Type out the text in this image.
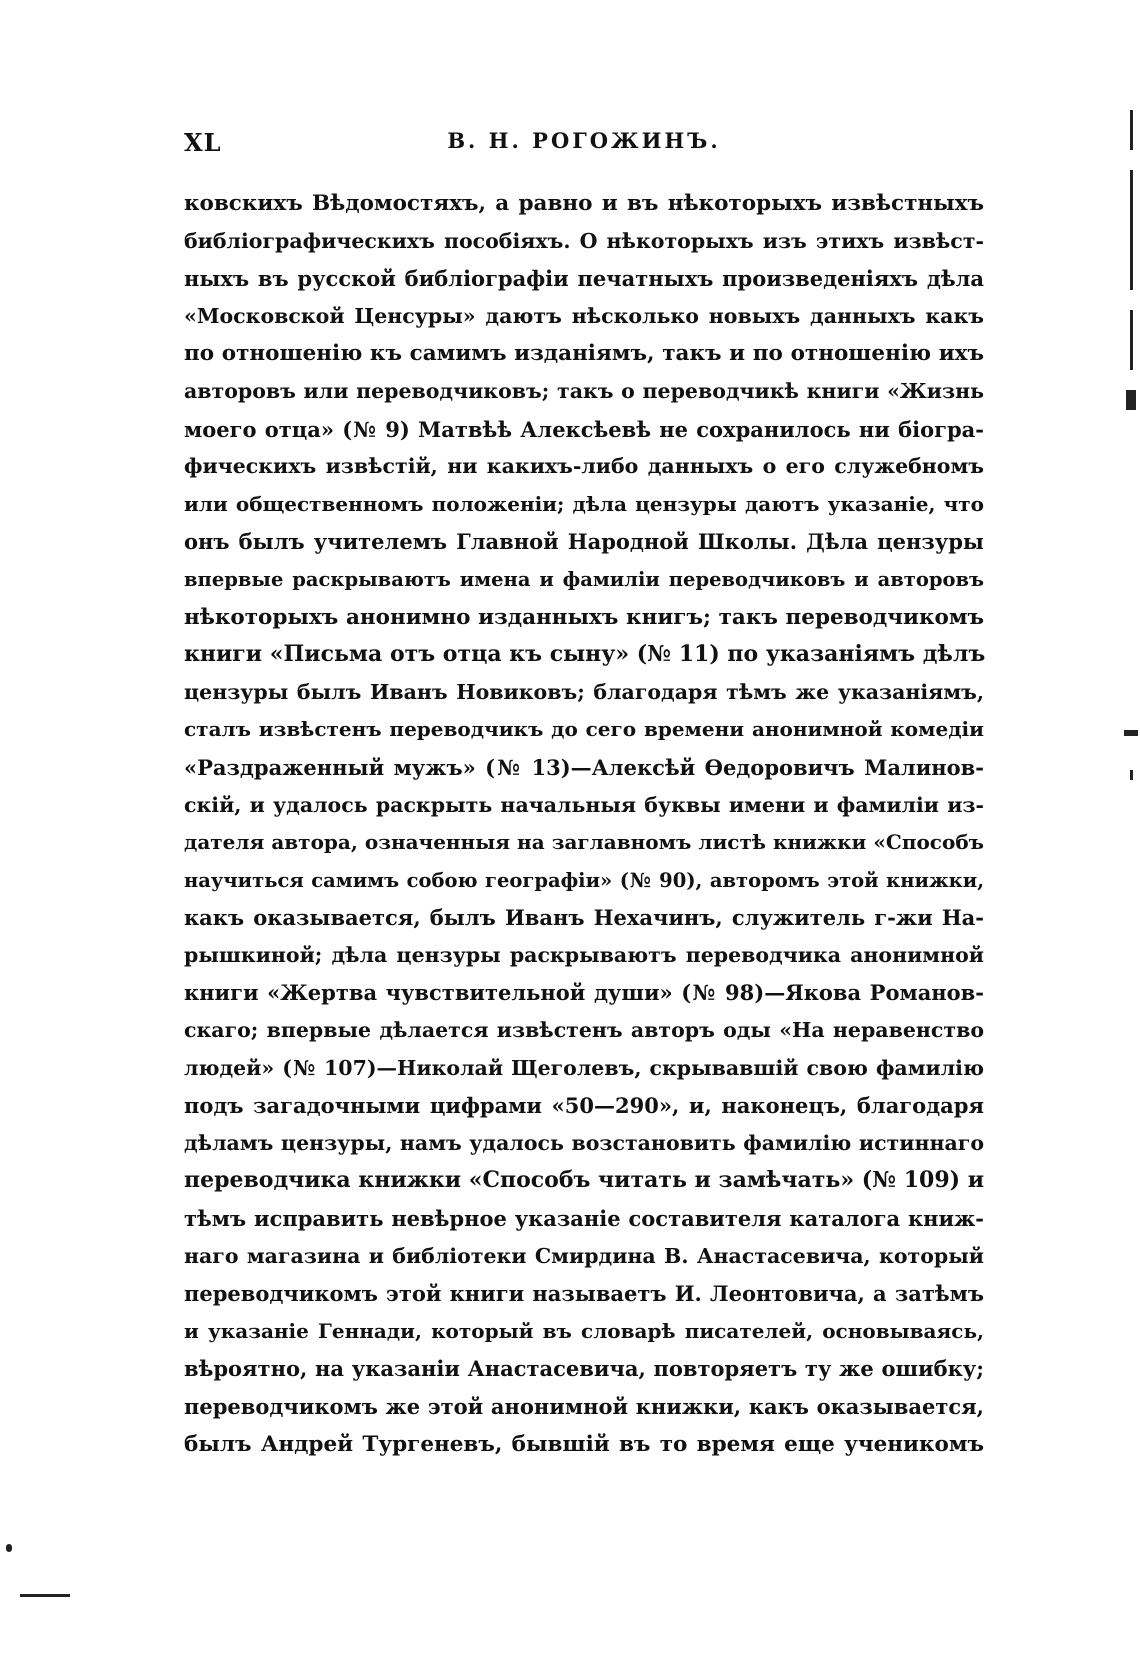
XL	В. Н. РОГОЖИНЪ.
ковскихъ Вѣдомостяхъ, а равно и въ нѣкоторыхъ извѣстныхъ
библіографическихъ пособіяхъ. О нѣкоторыхъ изъ этихъ извѣст-
ныхъ въ русской библіографіи печатныхъ произведеніяхъ дѣла
«Московской Ценсуры» даютъ нѣсколько новыхъ данныхъ какъ
по отношенію къ самимъ изданіямъ, такъ и по отношенію ихъ
авторовъ или переводчиковъ; такъ о переводчикѣ книги «Жизнь
моего отца» (№ 9) Матвѣѣ Алексѣевѣ не сохранилось ни біогра-
фическихъ извѣстій, ни какихъ-либо данныхъ о его служебномъ
или общественномъ положеніи; дѣла цензуры даютъ указаніе, что
онъ былъ учителемъ Главной Народной Школы. Дѣла цензуры
впервые раскрываютъ имена и фамиліи переводчиковъ и авторовъ
нѣкоторыхъ анонимно изданныхъ книгъ; такъ переводчикомъ
книги «Письма отъ отца къ сыну» (№ 11) по указаніямъ дѣлъ
цензуры былъ Иванъ Новиковъ; благодаря тѣмъ же указаніямъ,
сталъ извѣстенъ переводчикъ до сего времени анонимной комедіи
«Раздраженный мужъ» (№ 13)—Алексѣй Ѳедоровичъ Малинов-
скій, и удалось раскрыть начальныя буквы имени и фамиліи из-
дателя автора, означенныя на заглавномъ листѣ книжки «Способъ
научиться самимъ собою географіи» (№ 90), авторомъ этой книжки,
какъ оказывается, былъ Иванъ Нехачинъ, служитель г-жи На-
рышкиной; дѣла цензуры раскрываютъ переводчика анонимной
книги «Жертва чувствительной души» (№ 98)—Якова Романов-
скаго; впервые дѣлается извѣстенъ авторъ оды «На неравенство
людей» (№ 107)—Николай Щеголевъ, скрывавшій свою фамилію
подъ загадочными цифрами «50—290», и, наконецъ, благодаря
дѣламъ цензуры, намъ удалось возстановить фамилію истиннаго
переводчика книжки «Способъ читать и замѣчать» (№ 109) и
тѣмъ исправить невѣрное указаніе составителя каталога книж-
наго магазина и библіотеки Смирдина В. Анастасевича, который
переводчикомъ этой книги называетъ И. Леонтовича, а затѣмъ
и указаніе Геннади, который въ словарѣ писателей, основываясь,
вѣроятно, на указаніи Анастасевича, повторяетъ ту же ошибку;
переводчикомъ же этой анонимной книжки, какъ оказывается,
былъ Андрей Тургеневъ, бывшій въ то время еще ученикомъ
